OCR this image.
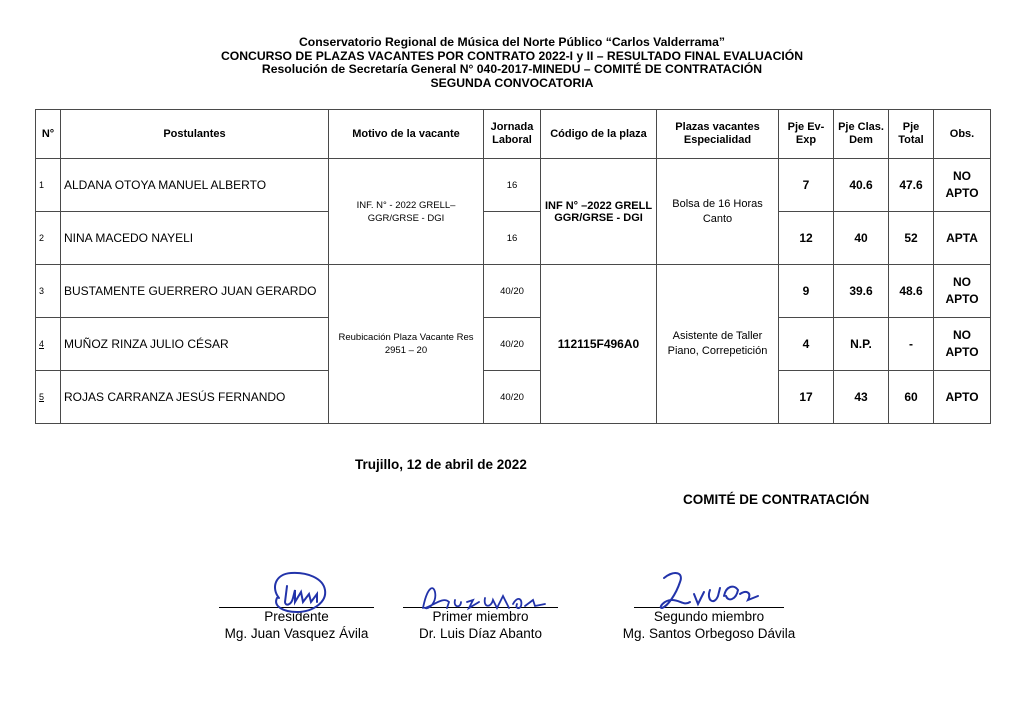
Conservatorio Regional de Música del Norte Público “Carlos Valderrama”
CONCURSO DE PLAZAS VACANTES POR CONTRATO 2022-I y II – RESULTADO FINAL EVALUACIÓN
Resolución de Secretaría General N° 040-2017-MINEDU – COMITÉ DE CONTRATACIÓN
SEGUNDA CONVOCATORIA
N°	Postulantes	Motivo de la vacante	Jornada Laboral	Código de la plaza	Plazas vacantes Especialidad	Pje Ev-Exp	Pje Clas. Dem	Pje Total	Obs.
1	ALDANA OTOYA MANUEL ALBERTO	INF. N° - 2022 GRELL– GGR/GRSE - DGI	16	INF N° –2022 GRELL GGR/GRSE - DGI	Bolsa de 16 Horas Canto	7	40.6	47.6	NO APTO
2	NINA MACEDO NAYELI		16			12	40	52	APTA
3	BUSTAMENTE GUERRERO JUAN GERARDO	Reubicación Plaza Vacante Res 2951 – 20	40/20	112115F496A0	Asistente de Taller Piano, Correpetición	9	39.6	48.6	NO APTO
4	MUÑOZ RINZA JULIO CÉSAR		40/20			4	N.P.	-	NO APTO
5	ROJAS CARRANZA JESÚS FERNANDO		40/20			17	43	60	APTO
Trujillo, 12 de abril de 2022
COMITÉ DE CONTRATACIÓN
Presidente
Mg. Juan Vasquez Ávila
Primer miembro
Dr. Luis Díaz Abanto
Segundo miembro
Mg. Santos Orbegoso Dávila
